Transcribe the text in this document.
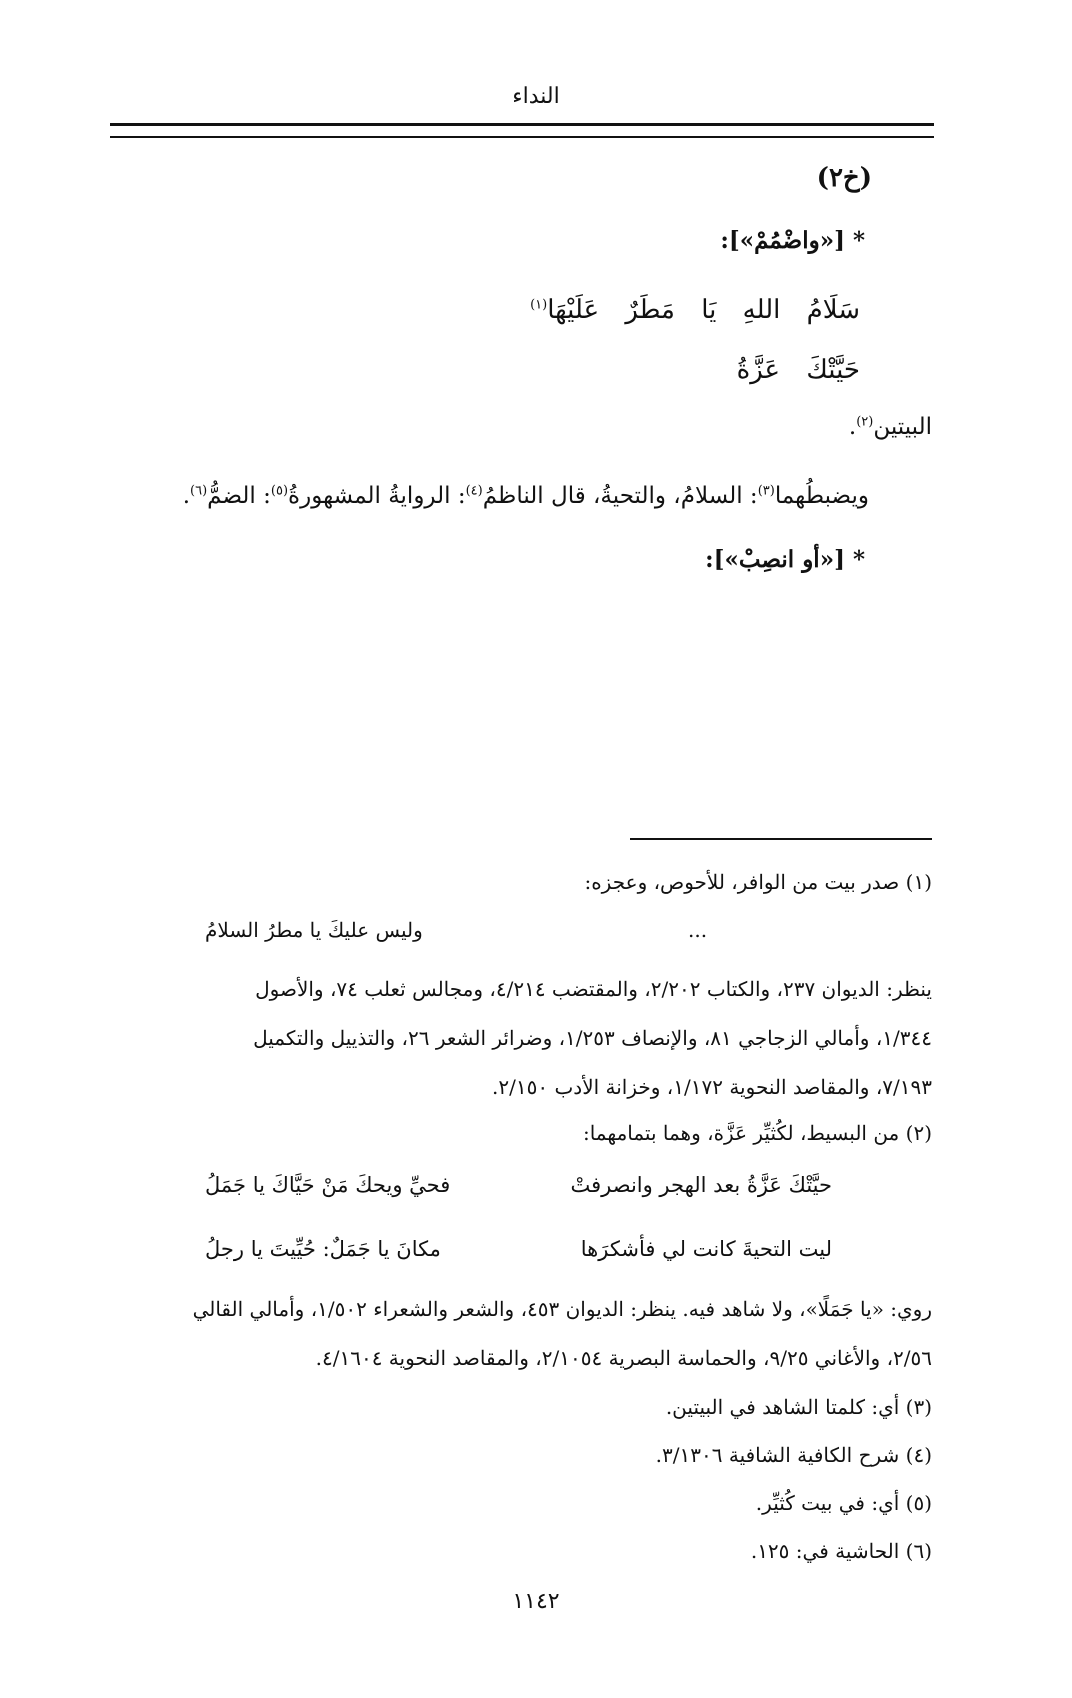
النداء
(خ٢)
* [«واضْمُمْ»]:
سَلَامُ اللهِ يَا مَطَرٌ عَلَيْهَا$^{(١)}$
حَيَّتْكَ عَزَّةُ
البيتين$^{(٢)}$.
ويضبطُهما$^{(٣)}$: السلامُ، والتحيةُ، قال الناظمُ$^{(٤)}$: الروايةُ المشهورةُ$^{(٥)}$: الضمُّ$^{(٦)}$.
* [«أو انصِبْ»]:
(١) صدر بيت من الوافر، للأحوص، وعجزه:
...
وليس عليكَ يا مطرُ السلامُ
ينظر: الديوان ٢٣٧، والكتاب ٢/٢٠٢، والمقتضب ٤/٢١٤، ومجالس ثعلب ٧٤، والأصول
١/٣٤٤، وأمالي الزجاجي ٨١، والإنصاف ١/٢٥٣، وضرائر الشعر ٢٦، والتذييل والتكميل
٧/١٩٣، والمقاصد النحوية ١/١٧٢، وخزانة الأدب ٢/١٥٠.
(٢) من البسيط، لكُثيِّر عَزَّة، وهما بتمامهما:
حيَّتْكَ عَزَّةُ بعد الهجر وانصرفتْ
فحيِّ ويحكَ مَنْ حَيَّاكَ يا جَمَلُ
ليت التحيةَ كانت لي فأشكرَها
مكانَ يا جَمَلٌ: حُيِّيتَ يا رجلُ
روي: «يا جَمَلًا»، ولا شاهد فيه. ينظر: الديوان ٤٥٣، والشعر والشعراء ١/٥٠٢، وأمالي القالي
٢/٥٦، والأغاني ٩/٢٥، والحماسة البصرية ٢/١٠٥٤، والمقاصد النحوية ٤/١٦٠٤.
(٣) أي: كلمتا الشاهد في البيتين.
(٤) شرح الكافية الشافية ٣/١٣٠٦.
(٥) أي: في بيت كُثيِّر.
(٦) الحاشية في: ١٢٥.
١١٤٢
